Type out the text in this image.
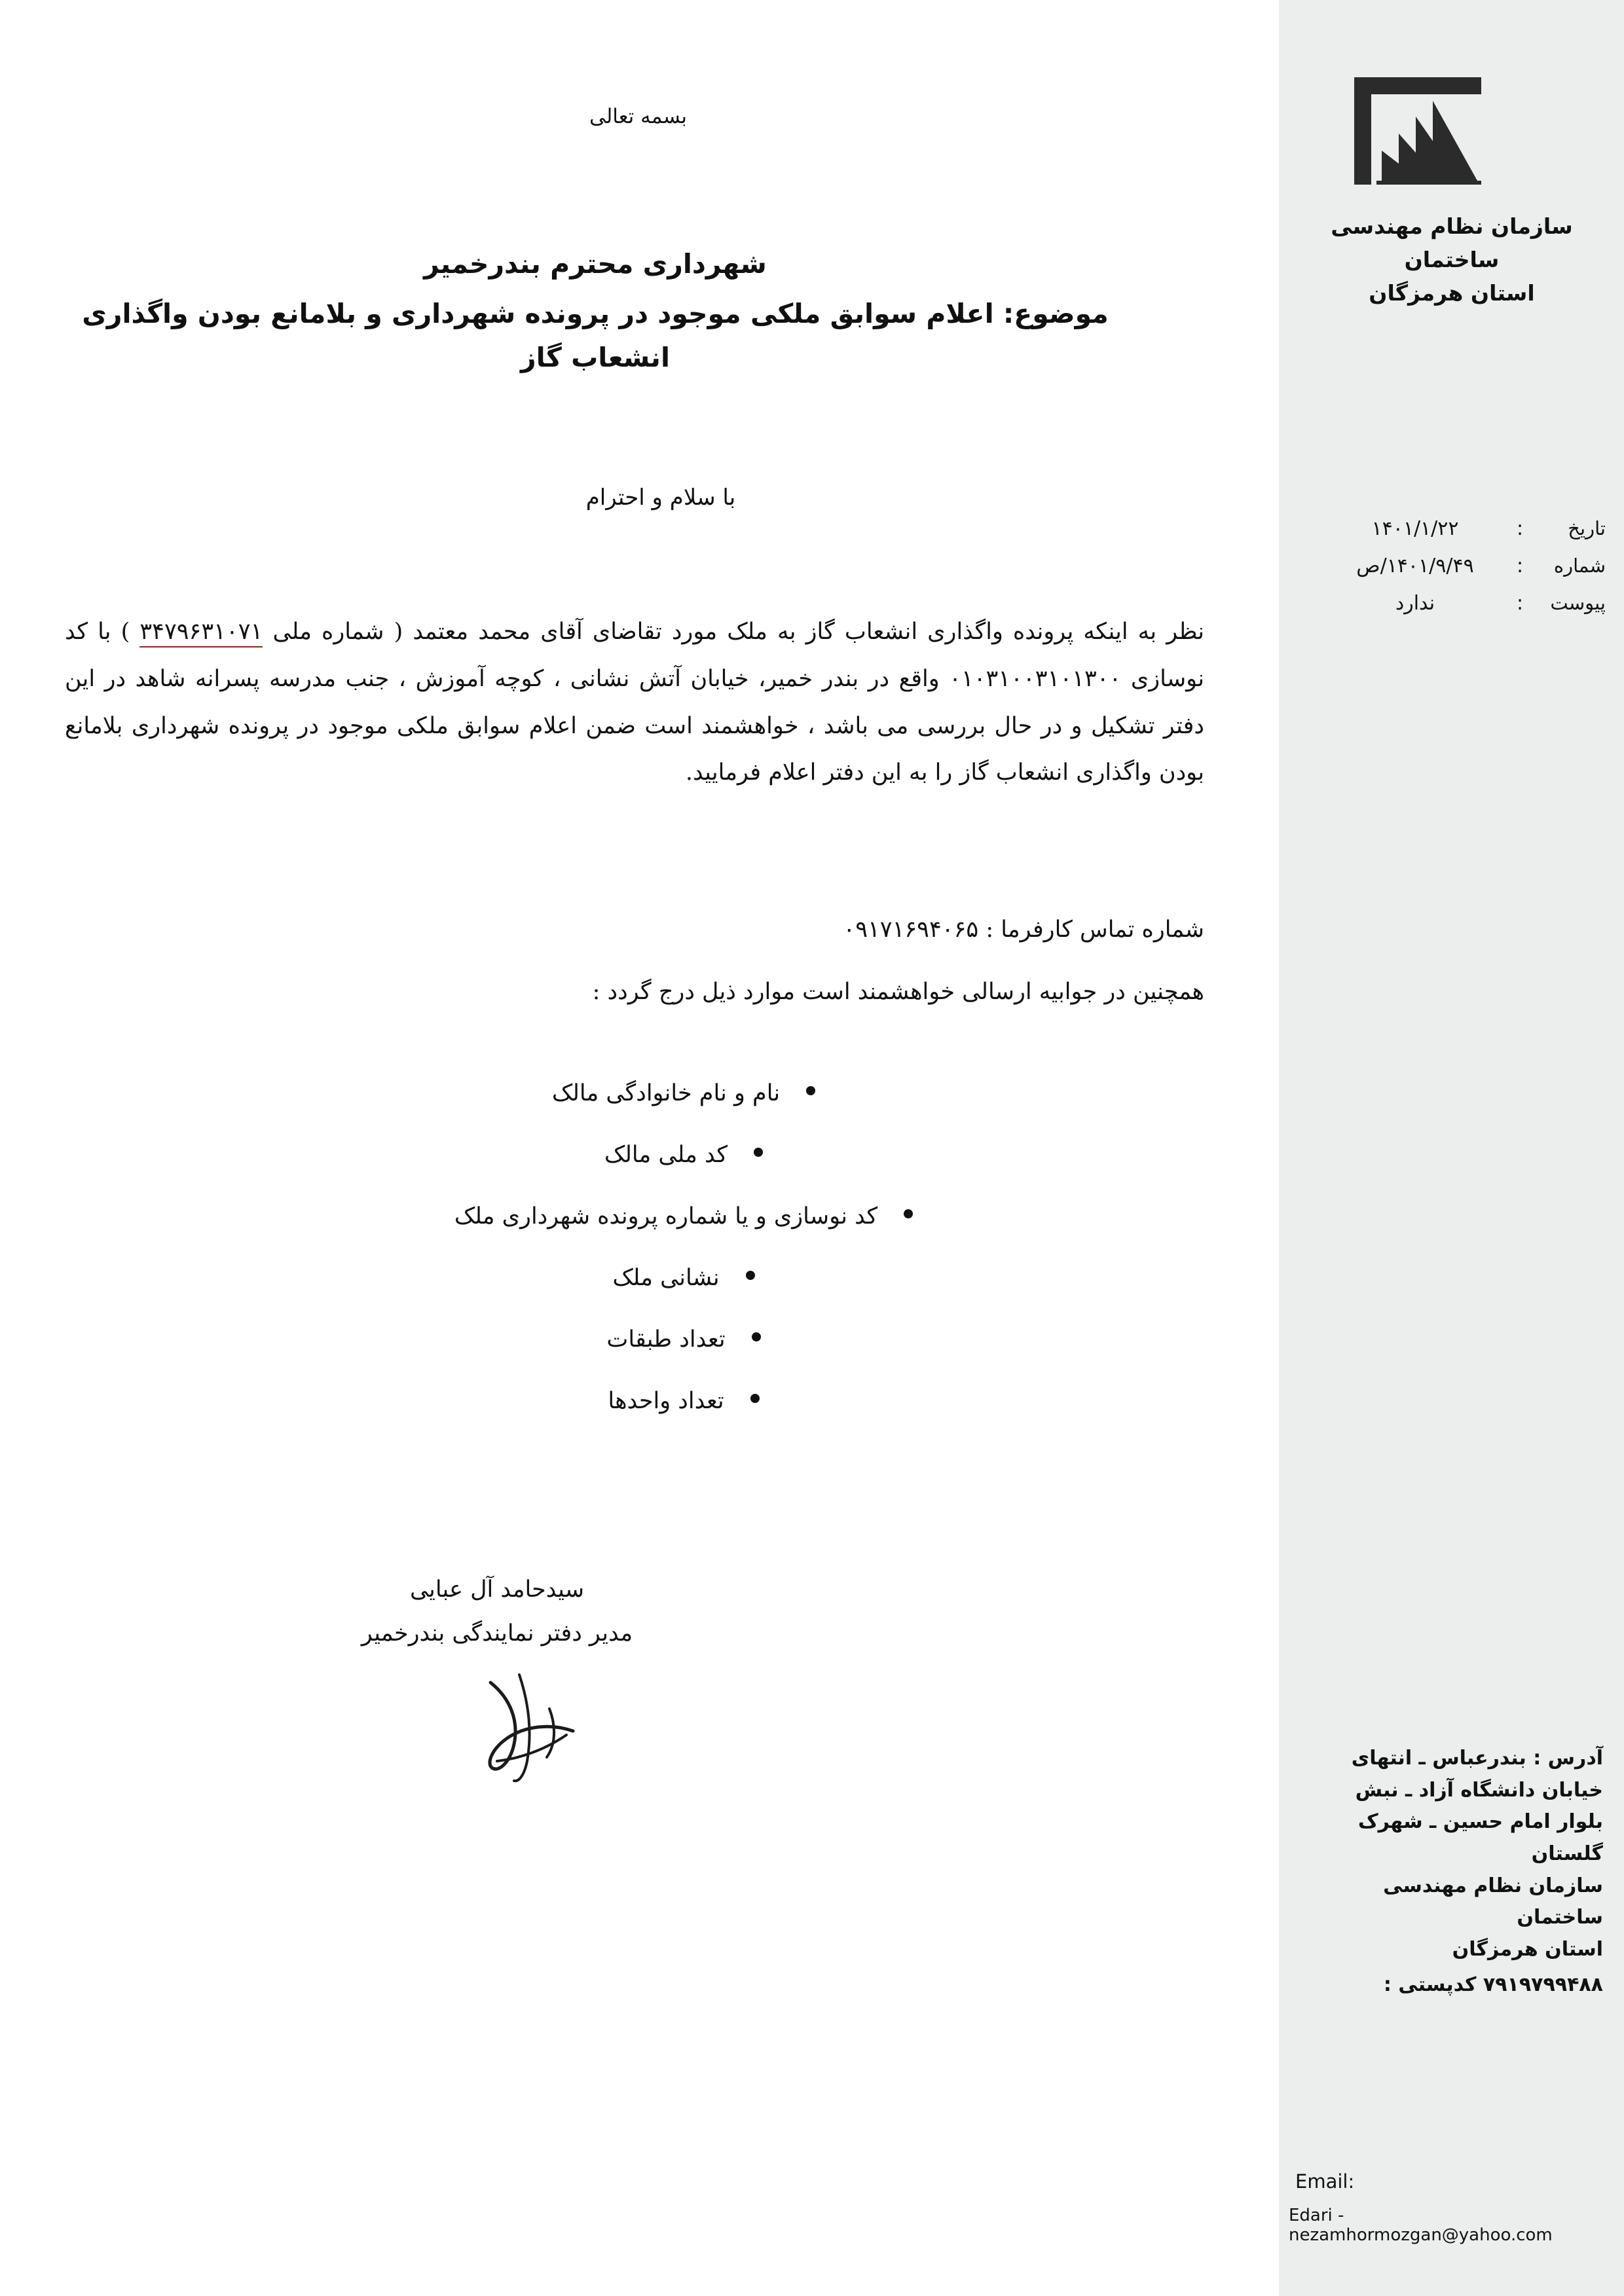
سازمان نظام مهندسی ساختمان
استان هرمزگان
تاریخ
:
۱۴۰۱/۱/۲۲
شماره
:
۱۴۰۱/۹/۴۹/ص
پیوست
:
ندارد
آدرس : بندرعباس ـ انتهای
خیابان دانشگاه آزاد ـ نبش
بلوار امام حسین ـ شهرک
گلستان
سازمان نظام مهندسی ساختمان
استان هرمزگان
۷۹۱۹۷۹۹۴۸۸ کدپستی :
Email:
Edari - nezamhormozgan@yahoo.com
بسمه تعالی
شهرداری محترم بندرخمیر
موضوع: اعلام سوابق ملکی موجود در پرونده شهرداری و بلامانع بودن واگذاری انشعاب گاز
با سلام و احترام
نظر به اینکه پرونده واگذاری انشعاب گاز به ملک مورد تقاضای آقای محمد معتمد ( شماره ملی ۳۴۷۹۶۳۱۰۷۱ ) با کد نوسازی ۰۱۰۳۱۰۰۳۱۰۱۳۰۰ واقع در بندر خمیر، خیابان آتش نشانی ، کوچه آموزش ، جنب مدرسه پسرانه شاهد در این دفتر تشکیل و در حال بررسی می باشد ، خواهشمند است ضمن اعلام سوابق ملکی موجود در پرونده شهرداری بلامانع بودن واگذاری انشعاب گاز را به این دفتر اعلام فرمایید.
شماره تماس کارفرما : ۰۹۱۷۱۶۹۴۰۶۵
همچنین در جوابیه ارسالی خواهشمند است موارد ذیل درج گردد :
نام و نام خانوادگی مالک
کد ملی مالک
کد نوسازی و یا شماره پرونده شهرداری ملک
نشانی ملک
تعداد طبقات
تعداد واحدها
سیدحامد آل عبایی
مدیر دفتر نمایندگی بندرخمیر
